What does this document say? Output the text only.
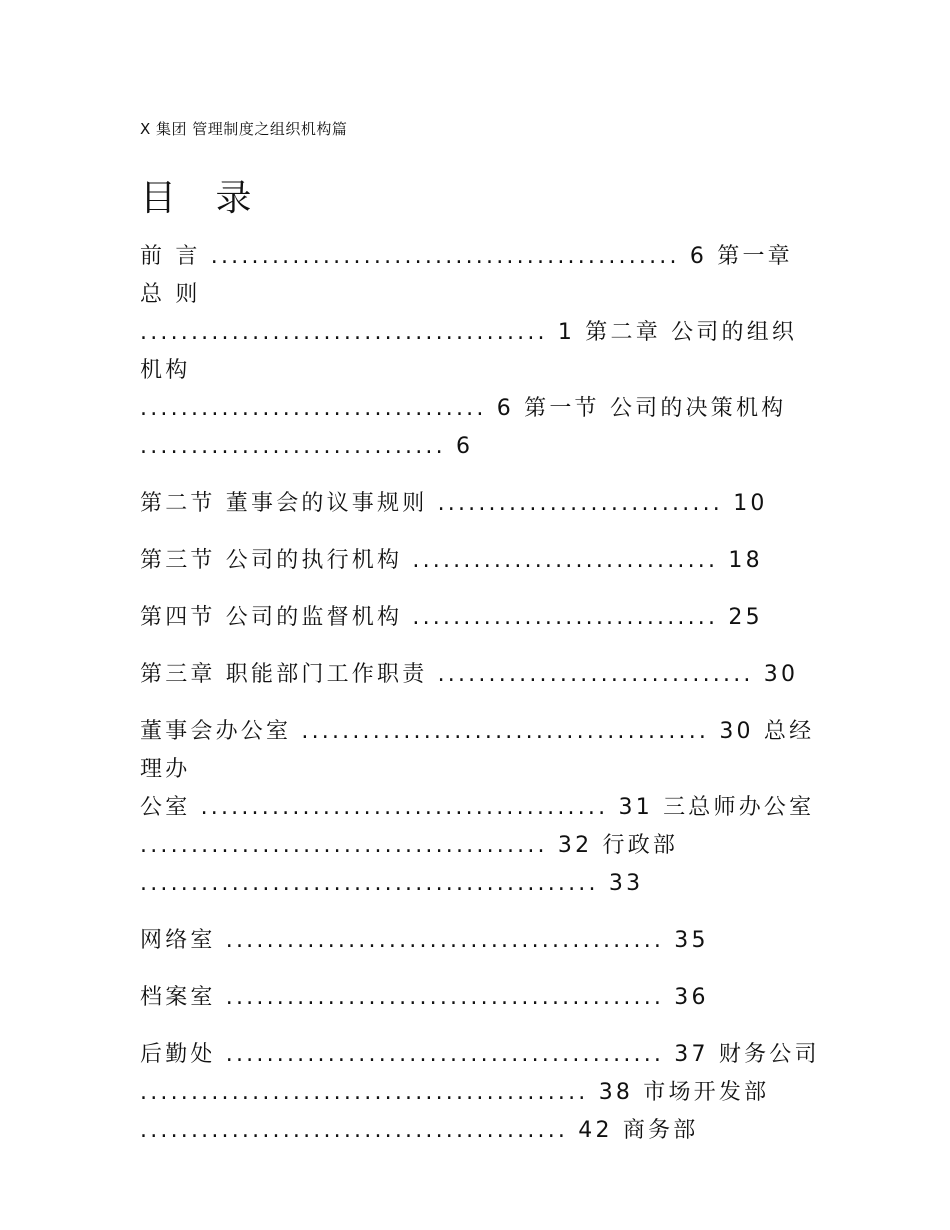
X 集团 管理制度之组织机构篇
目 录
前 言 .............................................. 6 第一章 总 则
........................................ 1 第二章 公司的组织机构
.................................. 6 第一节 公司的决策机构
.............................. 6
第二节 董事会的议事规则 ............................ 10
第三节 公司的执行机构 .............................. 18
第四节 公司的监督机构 .............................. 25
第三章 职能部门工作职责 ............................... 30
董事会办公室 ........................................ 30 总经理办
公室 ........................................ 31 三总师办公室
........................................ 32 行政部
............................................. 33
网络室 ........................................... 35
档案室 ........................................... 36
后勤处 ........................................... 37 财务公司
............................................ 38 市场开发部
.......................................... 42 商务部
